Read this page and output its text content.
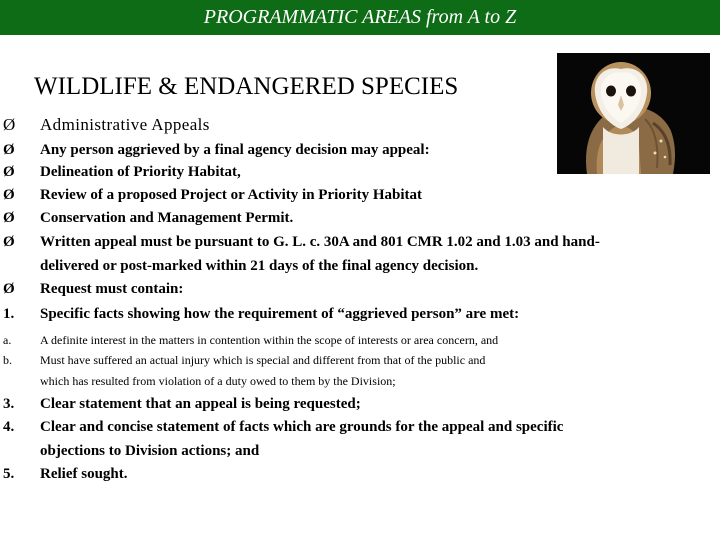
PROGRAMMATIC AREAS from A to Z
WILDLIFE & ENDANGERED SPECIES
Ø Administrative Appeals
Ø Any person aggrieved by a final agency decision may appeal:
Ø Delineation of Priority Habitat,
Ø Review of a proposed Project or Activity in Priority Habitat
Ø Conservation and Management Permit.
Ø Written appeal must be pursuant to G. L. c. 30A and 801 CMR 1.02 and 1.03 and hand-
delivered or post-marked within 21 days of the final agency decision.
Ø Request must contain:
1. Specific facts showing how the requirement of “aggrieved person” are met:
a. A definite interest in the matters in contention within the scope of interests or area concern, and
b. Must have suffered an actual injury which is special and different from that of the public and
which has resulted from violation of a duty owed to them by the Division;
3. Clear statement that an appeal is being requested;
4. Clear and concise statement of facts which are grounds for the appeal and specific
objections to Division actions; and
5. Relief sought.
